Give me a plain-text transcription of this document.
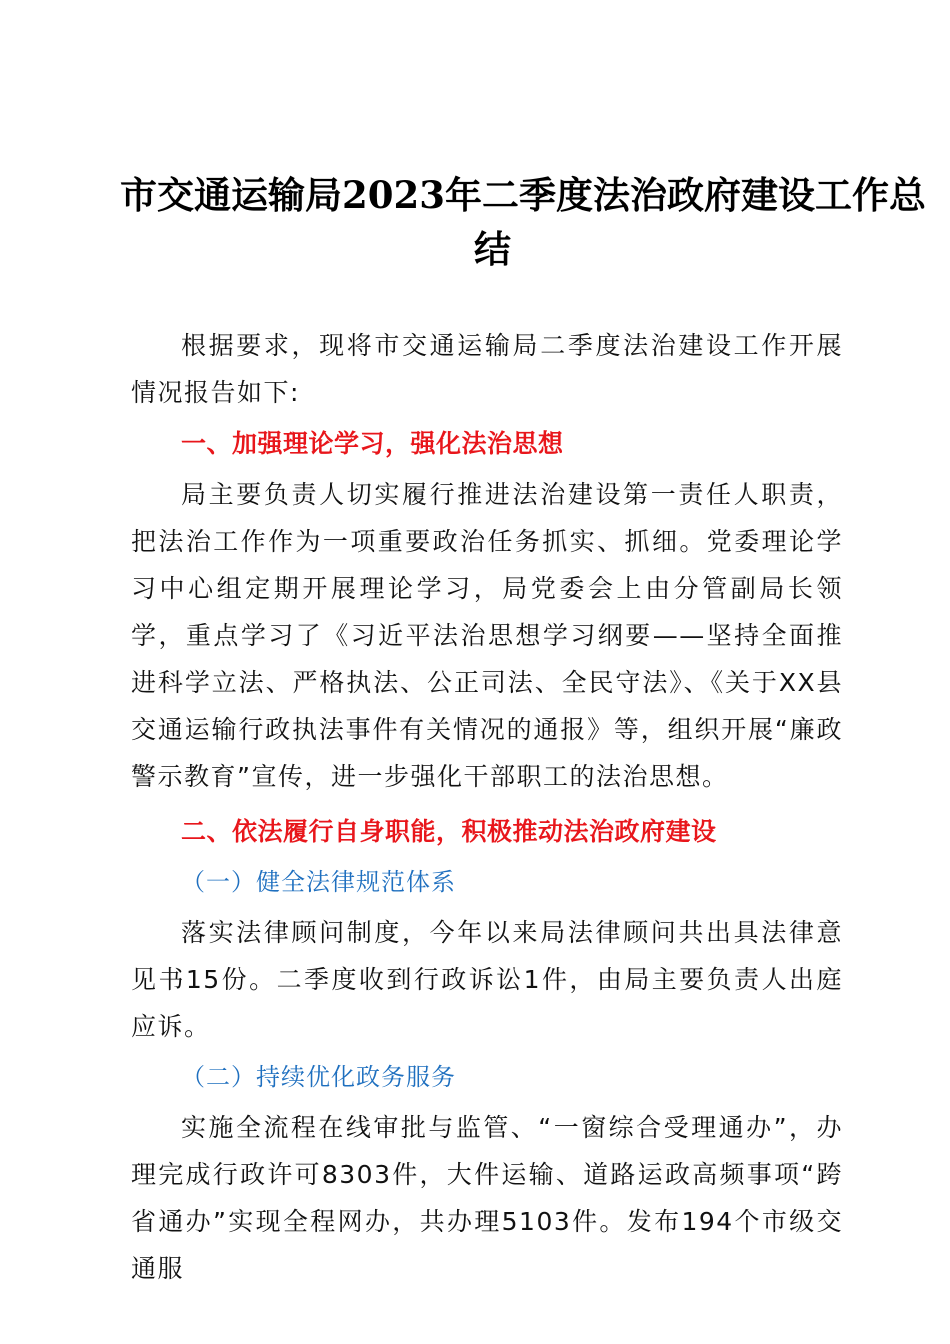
市交通运输局2023年二季度法治政府建设工作总
结

根据要求，现将市交通运输局二季度法治建设工作开展情况报告如下:

一、加强理论学习，强化法治思想

局主要负责人切实履行推进法治建设第一责任人职责，把法治工作作为一项重要政治任务抓实、抓细。党委理论学习中心组定期开展理论学习，局党委会上由分管副局长领学，重点学习了《习近平法治思想学习纲要——坚持全面推进科学立法、严格执法、公正司法、全民守法》、《关于XX县交通运输行政执法事件有关情况的通报》等，组织开展“廉政警示教育”宣传，进一步强化干部职工的法治思想。

二、依法履行自身职能，积极推动法治政府建设

（一）健全法律规范体系

落实法律顾问制度，今年以来局法律顾问共出具法律意见书15份。二季度收到行政诉讼1件，由局主要负责人出庭应诉。

（二）持续优化政务服务

实施全流程在线审批与监管、“一窗综合受理通办”，办理完成行政许可8303件，大件运输、道路运政高频事项“跨省通办”实现全程网办，共办理5103件。发布194个市级交通服
